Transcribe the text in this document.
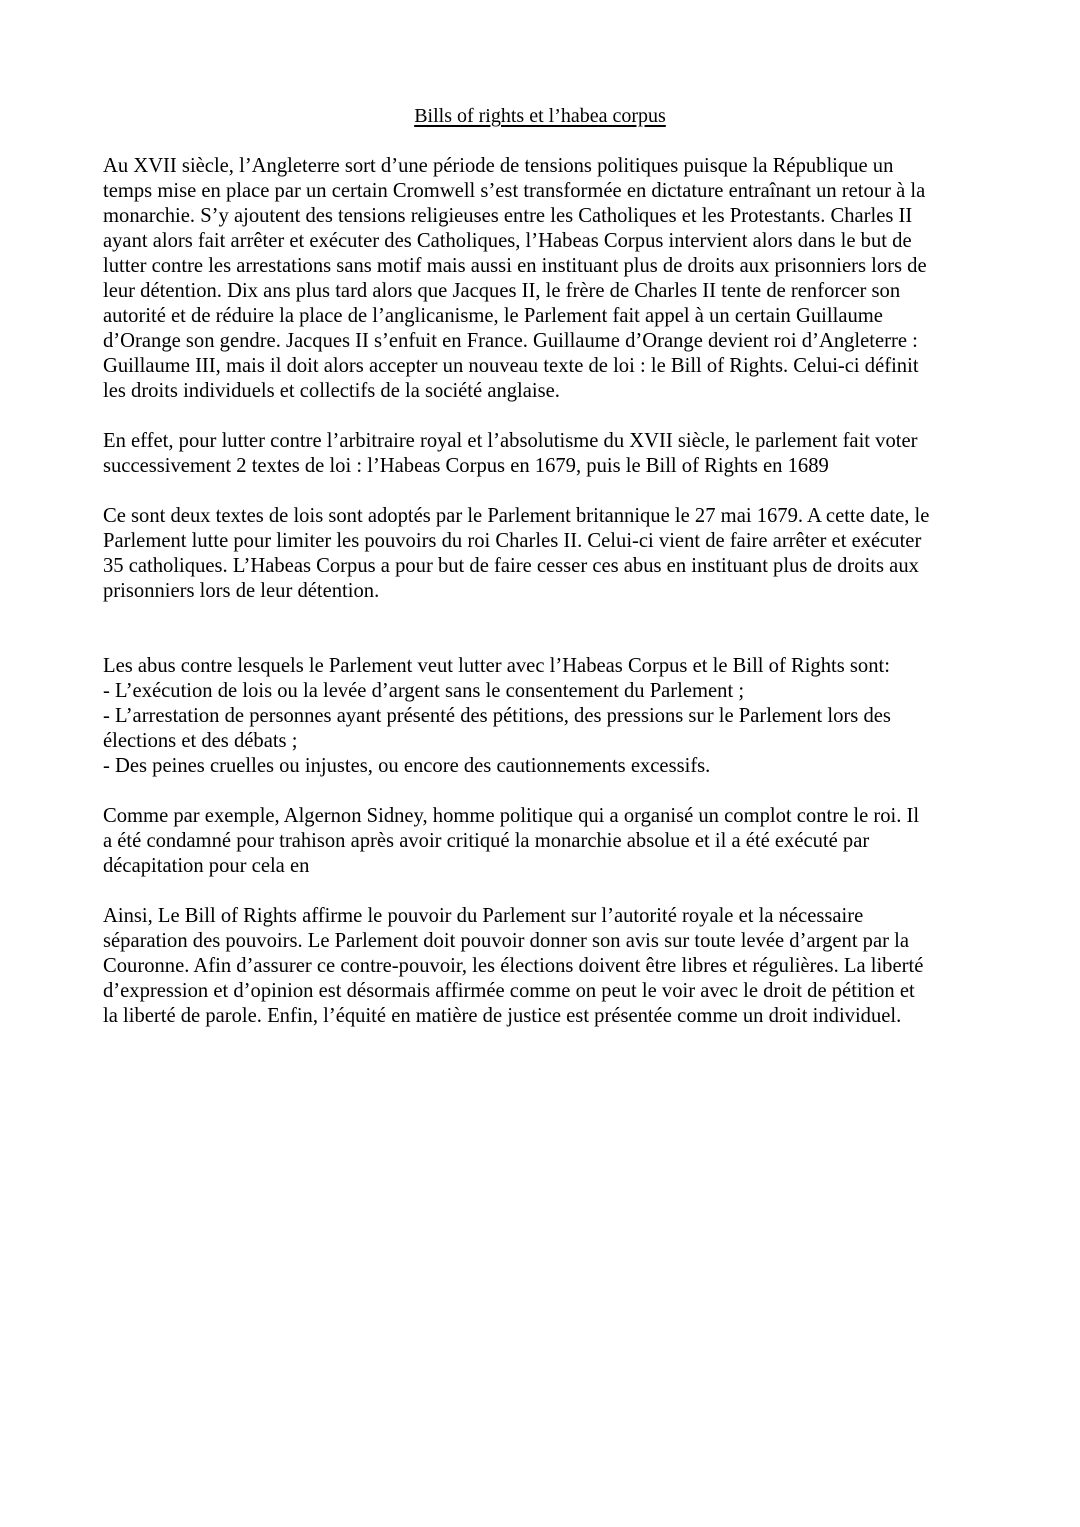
Bills of rights et l’habea corpus

Au XVII siècle, l’Angleterre sort d’une période de tensions politiques puisque la République un
temps mise en place par un certain Cromwell s’est transformée en dictature entraînant un retour à la
monarchie. S’y ajoutent des tensions religieuses entre les Catholiques et les Protestants. Charles II
ayant alors fait arrêter et exécuter des Catholiques, l’Habeas Corpus intervient alors dans le but de
lutter contre les arrestations sans motif mais aussi en instituant plus de droits aux prisonniers lors de
leur détention. Dix ans plus tard alors que Jacques II, le frère de Charles II tente de renforcer son
autorité et de réduire la place de l’anglicanisme, le Parlement fait appel à un certain Guillaume
d’Orange son gendre. Jacques II s’enfuit en France. Guillaume d’Orange devient roi d’Angleterre :
Guillaume III, mais il doit alors accepter un nouveau texte de loi : le Bill of Rights. Celui-ci définit
les droits individuels et collectifs de la société anglaise.

En effet, pour lutter contre l’arbitraire royal et l’absolutisme du XVII siècle, le parlement fait voter
successivement 2 textes de loi : l’Habeas Corpus en 1679, puis le Bill of Rights en 1689

Ce sont deux textes de lois sont adoptés par le Parlement britannique le 27 mai 1679. A cette date, le
Parlement lutte pour limiter les pouvoirs du roi Charles II. Celui-ci vient de faire arrêter et exécuter
35 catholiques. L’Habeas Corpus a pour but de faire cesser ces abus en instituant plus de droits aux
prisonniers lors de leur détention.

Les abus contre lesquels le Parlement veut lutter avec l’Habeas Corpus et le Bill of Rights sont:
- L’exécution de lois ou la levée d’argent sans le consentement du Parlement ;
- L’arrestation de personnes ayant présenté des pétitions, des pressions sur le Parlement lors des
élections et des débats ;
- Des peines cruelles ou injustes, ou encore des cautionnements excessifs.

Comme par exemple, Algernon Sidney, homme politique qui a organisé un complot contre le roi. Il
a été condamné pour trahison après avoir critiqué la monarchie absolue et il a été exécuté par
décapitation pour cela en

Ainsi, Le Bill of Rights affirme le pouvoir du Parlement sur l’autorité royale et la nécessaire
séparation des pouvoirs. Le Parlement doit pouvoir donner son avis sur toute levée d’argent par la
Couronne. Afin d’assurer ce contre-pouvoir, les élections doivent être libres et régulières. La liberté
d’expression et d’opinion est désormais affirmée comme on peut le voir avec le droit de pétition et
la liberté de parole. Enfin, l’équité en matière de justice est présentée comme un droit individuel.
